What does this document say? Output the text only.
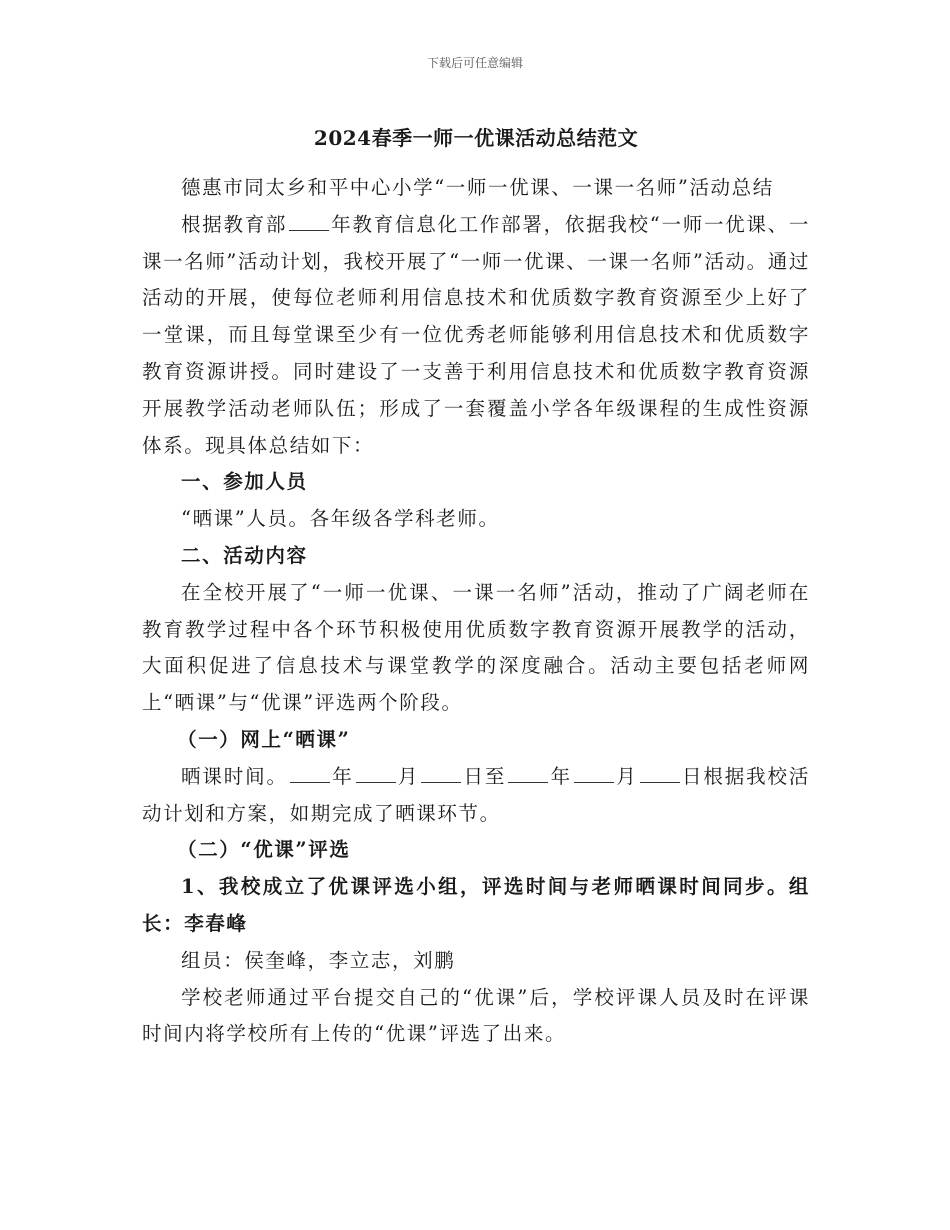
下载后可任意编辑
2024春季一师一优课活动总结范文

德惠市同太乡和平中心小学“一师一优课、一课一名师”活动总结

根据教育部 年教育信息化工作部署，依据我校“一师一优课、一课一名师”活动计划，我校开展了“一师一优课、一课一名师”活动。通过活动的开展，使每位老师利用信息技术和优质数字教育资源至少上好了一堂课，而且每堂课至少有一位优秀老师能够利用信息技术和优质数字教育资源讲授。同时建设了一支善于利用信息技术和优质数字教育资源开展教学活动老师队伍；形成了一套覆盖小学各年级课程的生成性资源体系。现具体总结如下：

一、参加人员

“晒课”人员。各年级各学科老师。

二、活动内容

在全校开展了“一师一优课、一课一名师”活动，推动了广阔老师在教育教学过程中各个环节积极使用优质数字教育资源开展教学的活动，大面积促进了信息技术与课堂教学的深度融合。活动主要包括老师网上“晒课”与“优课”评选两个阶段。

（一）网上“晒课”

晒课时间。 年 月 日至 年 月 日根据我校活动计划和方案，如期完成了晒课环节。

（二）“优课”评选

1、我校成立了优课评选小组，评选时间与老师晒课时间同步。组长：李春峰

组员：侯奎峰，李立志，刘鹏

学校老师通过平台提交自己的“优课”后，学校评课人员及时在评课时间内将学校所有上传的“优课”评选了出来。
